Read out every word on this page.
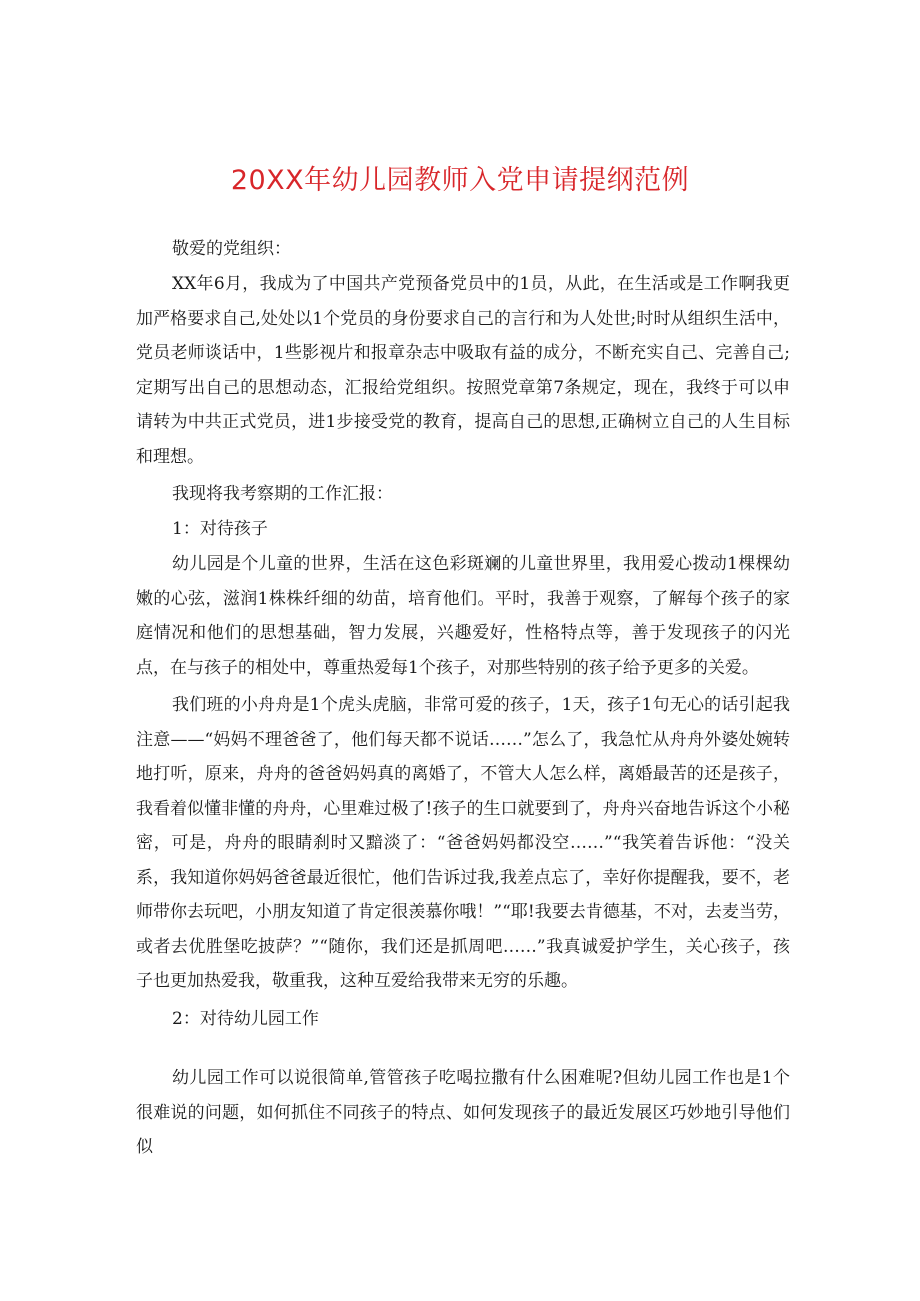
20XX年幼儿园教师入党申请提纲范例

敬爱的党组织：

XX年6月，我成为了中国共产党预备党员中的1员，从此，在生活或是工作啊我更加严格要求自己,处处以1个党员的身份要求自己的言行和为人处世;时时从组织生活中，党员老师谈话中，1些影视片和报章杂志中吸取有益的成分，不断充实自己、完善自己;定期写出自己的思想动态，汇报给党组织。按照党章第7条规定，现在，我终于可以申请转为中共正式党员，进1步接受党的教育，提高自己的思想,正确树立自己的人生目标和理想。

我现将我考察期的工作汇报：

1：对待孩子

幼儿园是个儿童的世界，生活在这色彩斑斓的儿童世界里，我用爱心拨动1棵棵幼嫩的心弦，滋润1株株纤细的幼苗，培育他们。平时，我善于观察，了解每个孩子的家庭情况和他们的思想基础，智力发展，兴趣爱好，性格特点等，善于发现孩子的闪光点，在与孩子的相处中，尊重热爱每1个孩子，对那些特别的孩子给予更多的关爱。

我们班的小舟舟是1个虎头虎脑，非常可爱的孩子，1天，孩子1句无心的话引起我注意——“妈妈不理爸爸了，他们每天都不说话……”怎么了，我急忙从舟舟外婆处婉转地打听，原来，舟舟的爸爸妈妈真的离婚了，不管大人怎么样，离婚最苦的还是孩子，我看着似懂非懂的舟舟，心里难过极了!孩子的生口就要到了，舟舟兴奋地告诉这个小秘密，可是，舟舟的眼睛刹时又黯淡了：“爸爸妈妈都没空……”“我笑着告诉他：“没关系，我知道你妈妈爸爸最近很忙，他们告诉过我,我差点忘了，幸好你提醒我，要不，老师带你去玩吧，小朋友知道了肯定很羡慕你哦！”“耶!我要去肯德基，不对，去麦当劳，或者去优胜堡吃披萨？”“随你，我们还是抓周吧……”我真诚爱护学生，关心孩子，孩子也更加热爱我，敬重我，这种互爱给我带来无穷的乐趣。

2：对待幼儿园工作

幼儿园工作可以说很简单,管管孩子吃喝拉撒有什么困难呢?但幼儿园工作也是1个很难说的问题，如何抓住不同孩子的特点、如何发现孩子的最近发展区巧妙地引导他们似
